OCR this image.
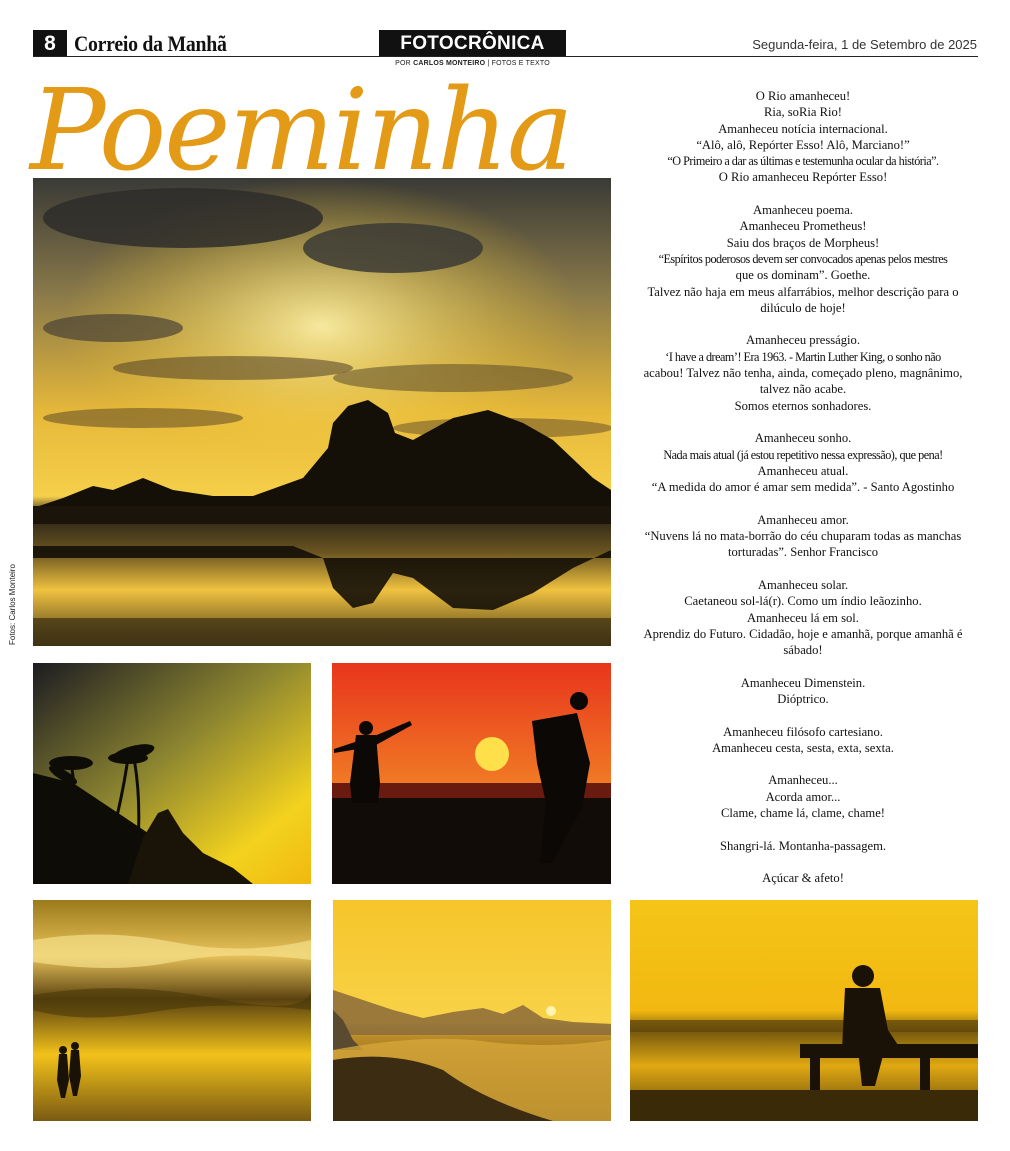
8 Correio da Manhã	FOTOCRÔNICA
POR CARLOS MONTEIRO | FOTOS E TEXTO
Segunda-feira, 1 de Setembro de 2025
Fotos: Carlos Monteiro
Poeminha	O Rio amanheceu!
Ria, soRia Rio!
Amanheceu notícia internacional.
“Alô, alô, Repórter Esso! Alô, Marciano!”
“O Primeiro a dar as últimas e testemunha ocular da história”.
O Rio amanheceu Repórter Esso!
Amanheceu poema.
Amanheceu Prometheus!
Saiu dos braços de Morpheus!
“Espíritos poderosos devem ser convocados apenas pelos mestres
que os dominam”. Goethe.
Talvez não haja em meus alfarrábios, melhor descrição para o
dilúculo de hoje!
Amanheceu presságio.
‘I have a dream’! Era 1963. - Martin Luther King, o sonho não
acabou! Talvez não tenha, ainda, começado pleno, magnânimo,
talvez não acabe.
Somos eternos sonhadores.
Amanheceu sonho.
Nada mais atual (já estou repetitivo nessa expressão), que pena!
Amanheceu atual.
“A medida do amor é amar sem medida”. - Santo Agostinho
Amanheceu amor.
“Nuvens lá no mata-borrão do céu chuparam todas as manchas
torturadas”. Senhor Francisco
Amanheceu solar.
Caetaneou sol-lá(r). Como um índio leãozinho.
Amanheceu lá em sol.
Aprendiz do Futuro. Cidadão, hoje e amanhã, porque amanhã é
sábado!
Amanheceu Dimenstein.
Dióptrico.
Amanheceu filósofo cartesiano.
Amanheceu cesta, sesta, exta, sexta.
Amanheceu...
Acorda amor...
Clame, chame lá, clame, chame!
Shangri-lá. Montanha-passagem.
Açúcar & afeto!
